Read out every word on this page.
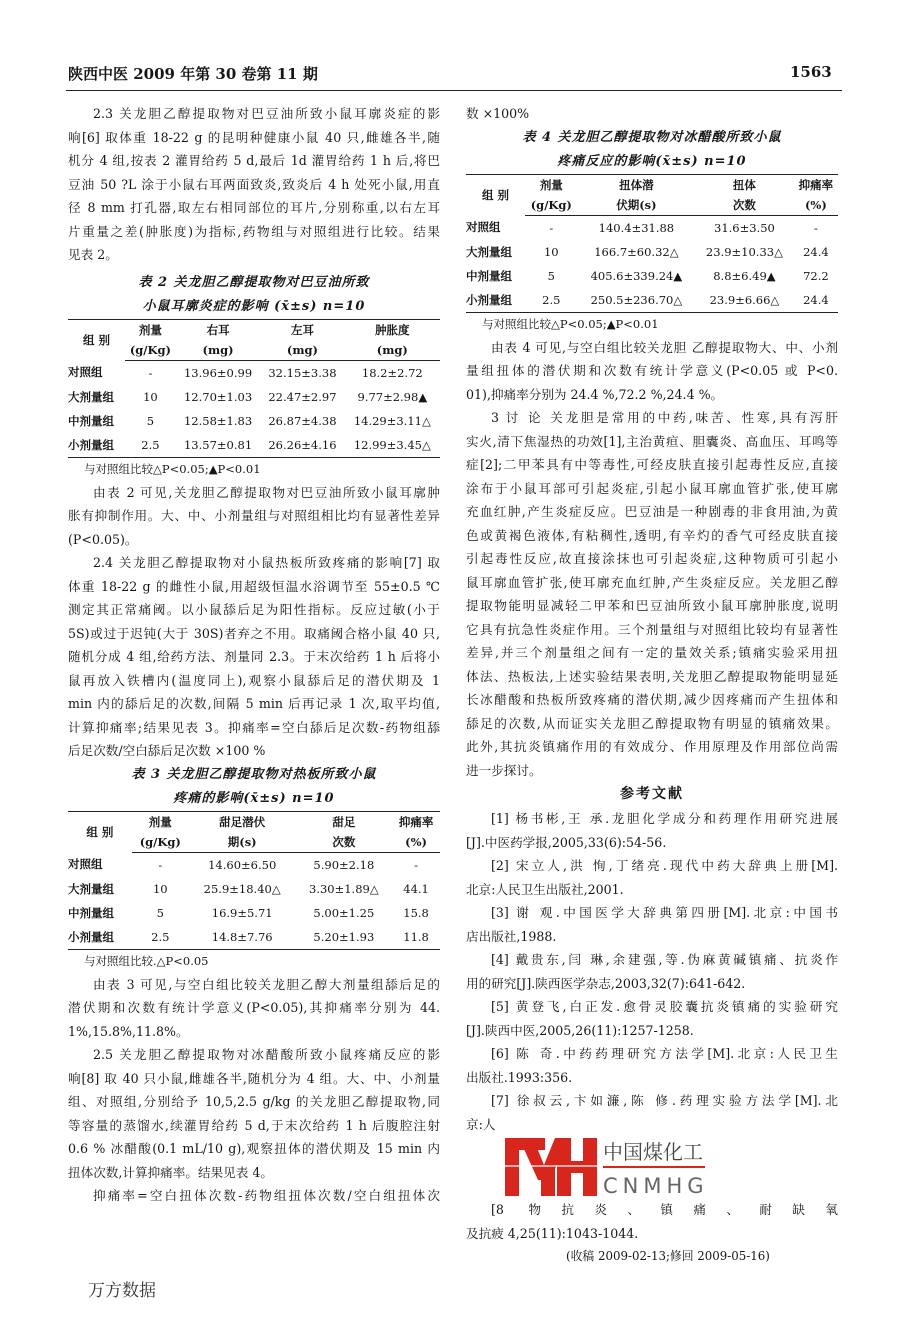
陕西中医 2009 年第 30 卷第 11 期	1563
2.3 关龙胆乙醇提取物对巴豆油所致小鼠耳廓炎症的影
响[6] 取体重 18-22 g 的昆明种健康小鼠 40 只,雌雄各半,随
机分 4 组,按表 2 灌胃给药 5 d,最后 1d 灌胃给药 1 h 后,将巴
豆油 50 ?L 涂于小鼠右耳两面致炎,致炎后 4 h 处死小鼠,用直
径 8 mm 打孔器,取左右相同部位的耳片,分别称重,以右左耳
片重量之差(肿胀度)为指标,药物组与对照组进行比较。结果
见表 2。
表 2 关龙胆乙醇提取物对巴豆油所致
小鼠耳廓炎症的影响 (x̄±s) n=10
组 别	剂量	右耳	左耳	肿胀度
	(g/Kg)	(mg)	(mg)	(mg)
对照组	-	13.96±0.99	32.15±3.38	18.2±2.72
大剂量组	10	12.70±1.03	22.47±2.97	9.77±2.98▲
中剂量组	5	12.58±1.83	26.87±4.38	14.29±3.11△
小剂量组	2.5	13.57±0.81	26.26±4.16	12.99±3.45△
与对照组比较△P<0.05;▲P<0.01
由表 2 可见,关龙胆乙醇提取物对巴豆油所致小鼠耳廓肿
胀有抑制作用。大、中、小剂量组与对照组相比均有显著性差异
(P<0.05)。
2.4 关龙胆乙醇提取物对小鼠热板所致疼痛的影响[7] 取
体重 18-22 g 的雌性小鼠,用超级恒温水浴调节至 55±0.5 ℃
测定其正常痛阈。以小鼠舔后足为阳性指标。反应过敏(小于
5S)或过于迟钝(大于 30S)者弃之不用。取痛阈合格小鼠 40 只,
随机分成 4 组,给药方法、剂量同 2.3。于末次给药 1 h 后将小
鼠再放入铁槽内(温度同上),观察小鼠舔后足的潜伏期及 1
min 内的舔后足的次数,间隔 5 min 后再记录 1 次,取平均值,
计算抑痛率;结果见表 3。抑痛率=空白舔后足次数-药物组舔
后足次数/空白舔后足次数 ×100 %
表 3 关龙胆乙醇提取物对热板所致小鼠
疼痛的影响(x̄±s) n=10
组 别	剂量	甜足潜伏	甜足	抑痛率
	(g/Kg)	期(s)	次数	(%)
对照组	-	14.60±6.50	5.90±2.18	-
大剂量组	10	25.9±18.40△	3.30±1.89△	44.1
中剂量组	5	16.9±5.71	5.00±1.25	15.8
小剂量组	2.5	14.8±7.76	5.20±1.93	11.8
与对照组比较.△P<0.05
由表 3 可见,与空白组比较关龙胆乙醇大剂量组舔后足的
潜伏期和次数有统计学意义(P<0.05),其抑痛率分别为 44.
1%,15.8%,11.8%。
2.5 关龙胆乙醇提取物对冰醋酸所致小鼠疼痛反应的影
响[8] 取 40 只小鼠,雌雄各半,随机分为 4 组。大、中、小剂量
组、对照组,分别给予 10,5,2.5 g/kg 的关龙胆乙醇提取物,同
等容量的蒸馏水,续灌胃给药 5 d,于末次给药 1 h 后腹腔注射
0.6 % 冰醋酸(0.1 mL/10 g),观察扭体的潜伏期及 15 min 内
扭体次数,计算抑痛率。结果见表 4。
抑痛率=空白扭体次数-药物组扭体次数/空白组扭体次
数 ×100%
表 4 关龙胆乙醇提取物对冰醋酸所致小鼠
疼痛反应的影响(x̄±s) n=10
组 别	剂量	扭体潜	扭体	抑痛率
	(g/Kg)	伏期(s)	次数	(%)
对照组	-	140.4±31.88	31.6±3.50	-
大剂量组	10	166.7±60.32△	23.9±10.33△	24.4
中剂量组	5	405.6±339.24▲	8.8±6.49▲	72.2
小剂量组	2.5	250.5±236.70△	23.9±6.66△	24.4
与对照组比较△P<0.05;▲P<0.01
由表 4 可见,与空白组比较关龙胆 乙醇提取物大、中、小剂
量组扭体的潜伏期和次数有统计学意义(P<0.05 或 P<0.
01),抑痛率分别为 24.4 %,72.2 %,24.4 %。
3 讨 论 关龙胆是常用的中药,味苦、性寒,具有泻肝
实火,清下焦湿热的功效[1],主治黄疸、胆囊炎、高血压、耳鸣等
症[2];二甲苯具有中等毒性,可经皮肤直接引起毒性反应,直接
涂布于小鼠耳部可引起炎症,引起小鼠耳廓血管扩张,使耳廓
充血红肿,产生炎症反应。巴豆油是一种剧毒的非食用油,为黄
色或黄褐色液体,有粘稠性,透明,有辛灼的香气可经皮肤直接
引起毒性反应,故直接涂抹也可引起炎症,这种物质可引起小
鼠耳廓血管扩张,使耳廓充血红肿,产生炎症反应。关龙胆乙醇
提取物能明显减轻二甲苯和巴豆油所致小鼠耳廓肿胀度,说明
它具有抗急性炎症作用。三个剂量组与对照组比较均有显著性
差异,并三个剂量组之间有一定的量效关系;镇痛实验采用扭
体法、热板法,上述实验结果表明,关龙胆乙醇提取物能明显延
长冰醋酸和热板所致疼痛的潜伏期,减少因疼痛而产生扭体和
舔足的次数,从而证实关龙胆乙醇提取物有明显的镇痛效果。
此外,其抗炎镇痛作用的有效成分、作用原理及作用部位尚需
进一步探讨。
参考文献
[1] 杨书彬,王 承.龙胆化学成分和药理作用研究进展
[J].中医药学报,2005,33(6):54-56.
[2] 宋立人,洪 恂,丁绪亮.现代中药大辞典上册[M].
北京:人民卫生出版社,2001.
[3] 谢 观.中国医学大辞典第四册[M].北京:中国书
店出版社,1988.
[4] 戴贵东,闫 琳,余建强,等.伪麻黄碱镇痛、抗炎作
用的研究[J].陕西医学杂志,2003,32(7):641-642.
[5] 黄登飞,白正发.愈骨灵胶囊抗炎镇痛的实验研究
[J].陕西中医,2005,26(11):1257-1258.
[6] 陈 奇.中药药理研究方法学[M].北京:人民卫生
出版社.1993:356.
[7] 徐叔云,卞如濂,陈 修.药理实验方法学[M].北
京:人
中国煤化工
CNMHG
[8 物抗炎、镇痛、耐缺氧
及抗疲 4,25(11):1043-1044.
(收稿 2009-02-13;修回 2009-05-16)
万方数据
